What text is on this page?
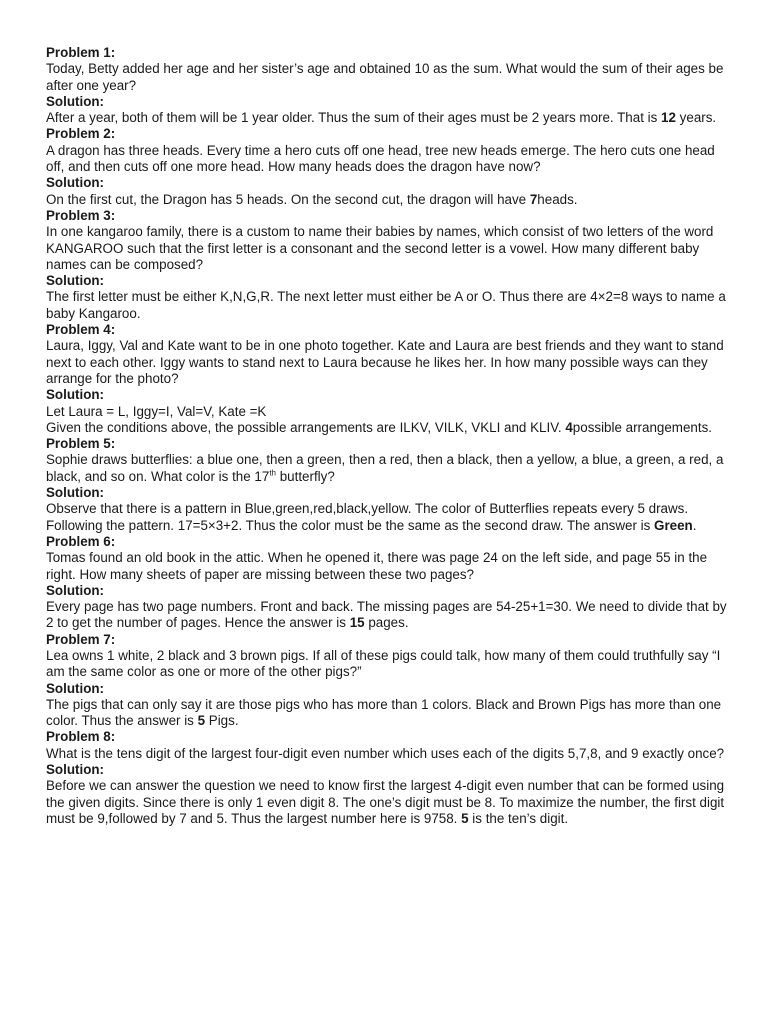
Problem 1:

Today, Betty added her age and her sister’s age and obtained 10 as the sum. What would the sum of their ages be after one year?

Solution:

After a year, both of them will be 1 year older. Thus the sum of their ages must be 2 years more. That is 12 years.

Problem 2:

A dragon has three heads. Every time a hero cuts off one head, tree new heads emerge. The hero cuts one head off, and then cuts off one more head. How many heads does the dragon have now?

Solution:

On the first cut, the Dragon has 5 heads. On the second cut, the dragon will have 7heads.

Problem 3:

In one kangaroo family, there is a custom to name their babies by names, which consist of two letters of the word KANGAROO such that the first letter is a consonant and the second letter is a vowel. How many different baby names can be composed?

Solution:

The first letter must be either K,N,G,R. The next letter must either be A or O. Thus there are 4×2=8 ways to name a baby Kangaroo.

Problem 4:

Laura, Iggy, Val and Kate want to be in one photo together. Kate and Laura are best friends and they want to stand next to each other. Iggy wants to stand next to Laura because he likes her. In how many possible ways can they arrange for the photo?

Solution:

Let Laura = L, Iggy=I, Val=V, Kate =K

Given the conditions above, the possible arrangements are ILKV, VILK, VKLI and KLIV. 4possible arrangements.

Problem 5:

Sophie draws butterflies: a blue one, then a green, then a red, then a black, then a yellow, a blue, a green, a red, a black, and so on. What color is the 17th butterfly?

Solution:

Observe that there is a pattern in Blue,green,red,black,yellow. The color of Butterflies repeats every 5 draws. Following the pattern. 17=5×3+2. Thus the color must be the same as the second draw. The answer is Green.

Problem 6:

Tomas found an old book in the attic. When he opened it, there was page 24 on the left side, and page 55 in the right. How many sheets of paper are missing between these two pages?

Solution:

Every page has two page numbers. Front and back. The missing pages are 54-25+1=30. We need to divide that by 2 to get the number of pages. Hence the answer is 15 pages.

Problem 7:

Lea owns 1 white, 2 black and 3 brown pigs. If all of these pigs could talk, how many of them could truthfully say “I am the same color as one or more of the other pigs?”

Solution:

The pigs that can only say it are those pigs who has more than 1 colors. Black and Brown Pigs has more than one color. Thus the answer is 5 Pigs.

Problem 8:

What is the tens digit of the largest four-digit even number which uses each of the digits 5,7,8, and 9 exactly once?

Solution:

Before we can answer the question we need to know first the largest 4-digit even number that can be formed using the given digits. Since there is only 1 even digit 8. The one’s digit must be 8. To maximize the number, the first digit must be 9,followed by 7 and 5. Thus the largest number here is 9758. 5 is the ten’s digit.
